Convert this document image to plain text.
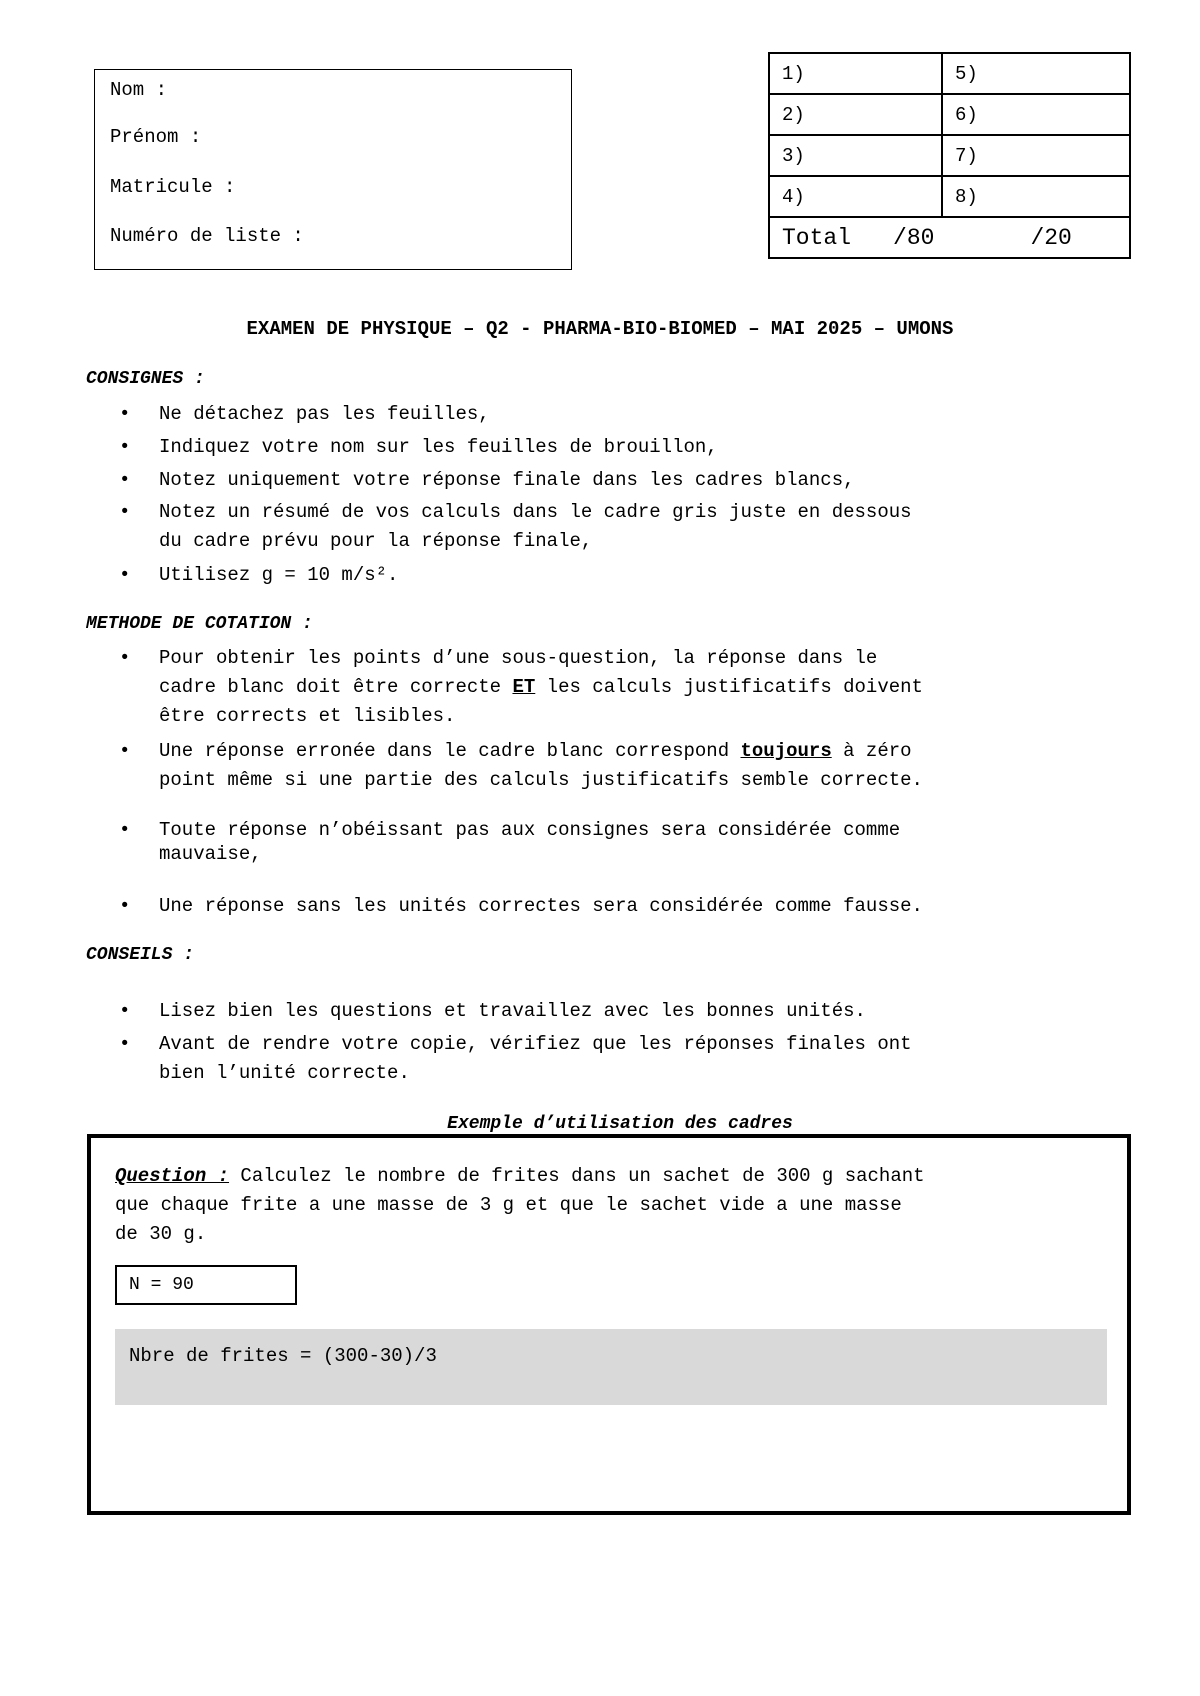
Nom :
Prénom :
Matricule :
Numéro de liste :
1)	5)
2)	6)
3)	7)
4)	8)
Total /80 /20	
EXAMEN DE PHYSIQUE – Q2 - PHARMA-BIO-BIOMED – MAI 2025 – UMONS
CONSIGNES :
• Ne détachez pas les feuilles,
• Indiquez votre nom sur les feuilles de brouillon,
• Notez uniquement votre réponse finale dans les cadres blancs,
• Notez un résumé de vos calculs dans le cadre gris juste en dessous
du cadre prévu pour la réponse finale,
• Utilisez g = 10 m/s².
METHODE DE COTATION :
• Pour obtenir les points d’une sous-question, la réponse dans le
cadre blanc doit être correcte ET les calculs justificatifs doivent
être corrects et lisibles.
• Une réponse erronée dans le cadre blanc correspond toujours à zéro
point même si une partie des calculs justificatifs semble correcte.
• Toute réponse n’obéissant pas aux consignes sera considérée comme
mauvaise,
• Une réponse sans les unités correctes sera considérée comme fausse.
CONSEILS :
• Lisez bien les questions et travaillez avec les bonnes unités.
• Avant de rendre votre copie, vérifiez que les réponses finales ont
bien l’unité correcte.
Exemple d’utilisation des cadres
Question : Calculez le nombre de frites dans un sachet de 300 g sachant
que chaque frite a une masse de 3 g et que le sachet vide a une masse
de 30 g.
N = 90
Nbre de frites = (300-30)/3
